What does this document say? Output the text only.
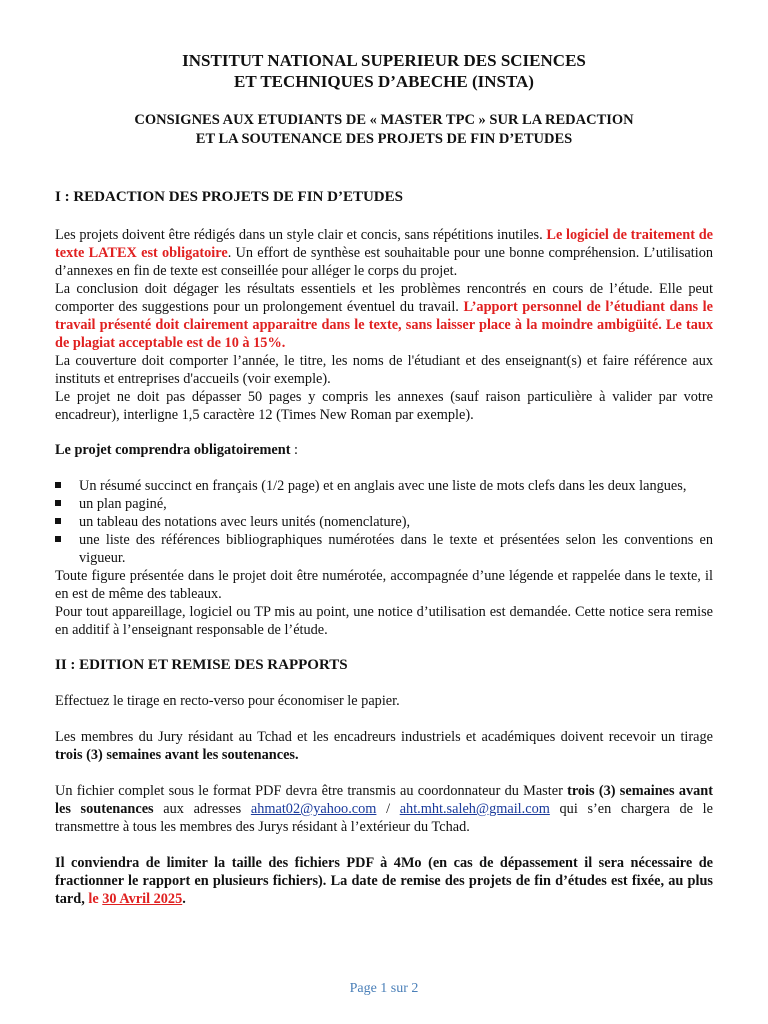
INSTITUT NATIONAL SUPERIEUR DES SCIENCES

ET TECHNIQUES D’ABECHE (INSTA)

CONSIGNES AUX ETUDIANTS DE « MASTER TPC » SUR LA REDACTION

ET LA SOUTENANCE DES PROJETS DE FIN D’ETUDES

I : REDACTION DES PROJETS DE FIN D’ETUDES

Les projets doivent être rédigés dans un style clair et concis, sans répétitions inutiles. Le logiciel de traitement de texte LATEX est obligatoire. Un effort de synthèse est souhaitable pour une bonne compréhension. L’utilisation d’annexes en fin de texte est conseillée pour alléger le corps du projet.

La conclusion doit dégager les résultats essentiels et les problèmes rencontrés en cours de l’étude. Elle peut comporter des suggestions pour un prolongement éventuel du travail. L’apport personnel de l’étudiant dans le travail présenté doit clairement apparaitre dans le texte, sans laisser place à la moindre ambigüité. Le taux de plagiat acceptable est de 10 à 15%.

La couverture doit comporter l’année, le titre, les noms de l'étudiant et des enseignant(s) et faire référence aux instituts et entreprises d'accueils (voir exemple).

Le projet ne doit pas dépasser 50 pages y compris les annexes (sauf raison particulière à valider par votre encadreur), interligne 1,5 caractère 12 (Times New Roman par exemple).

Le projet comprendra obligatoirement :

Un résumé succinct en français (1/2 page) et en anglais avec une liste de mots clefs dans les deux langues,
un plan paginé,
un tableau des notations avec leurs unités (nomenclature),
une liste des références bibliographiques numérotées dans le texte et présentées selon les conventions en vigueur.

Toute figure présentée dans le projet doit être numérotée, accompagnée d’une légende et rappelée dans le texte, il en est de même des tableaux.

Pour tout appareillage, logiciel ou TP mis au point, une notice d’utilisation est demandée. Cette notice sera remise en additif à l’enseignant responsable de l’étude.

II : EDITION ET REMISE DES RAPPORTS

Effectuez le tirage en recto-verso pour économiser le papier.

Les membres du Jury résidant au Tchad et les encadreurs industriels et académiques doivent recevoir un tirage trois (3) semaines avant les soutenances.

Un fichier complet sous le format PDF devra être transmis au coordonnateur du Master trois (3) semaines avant les soutenances aux adresses ahmat02@yahoo.com / aht.mht.saleh@gmail.com qui s’en chargera de le transmettre à tous les membres des Jurys résidant à l’extérieur du Tchad.

Il conviendra de limiter la taille des fichiers PDF à 4Mo (en cas de dépassement il sera nécessaire de fractionner le rapport en plusieurs fichiers). La date de remise des projets de fin d’études est fixée, au plus tard, le 30 Avril 2025.

Page 1 sur 2
